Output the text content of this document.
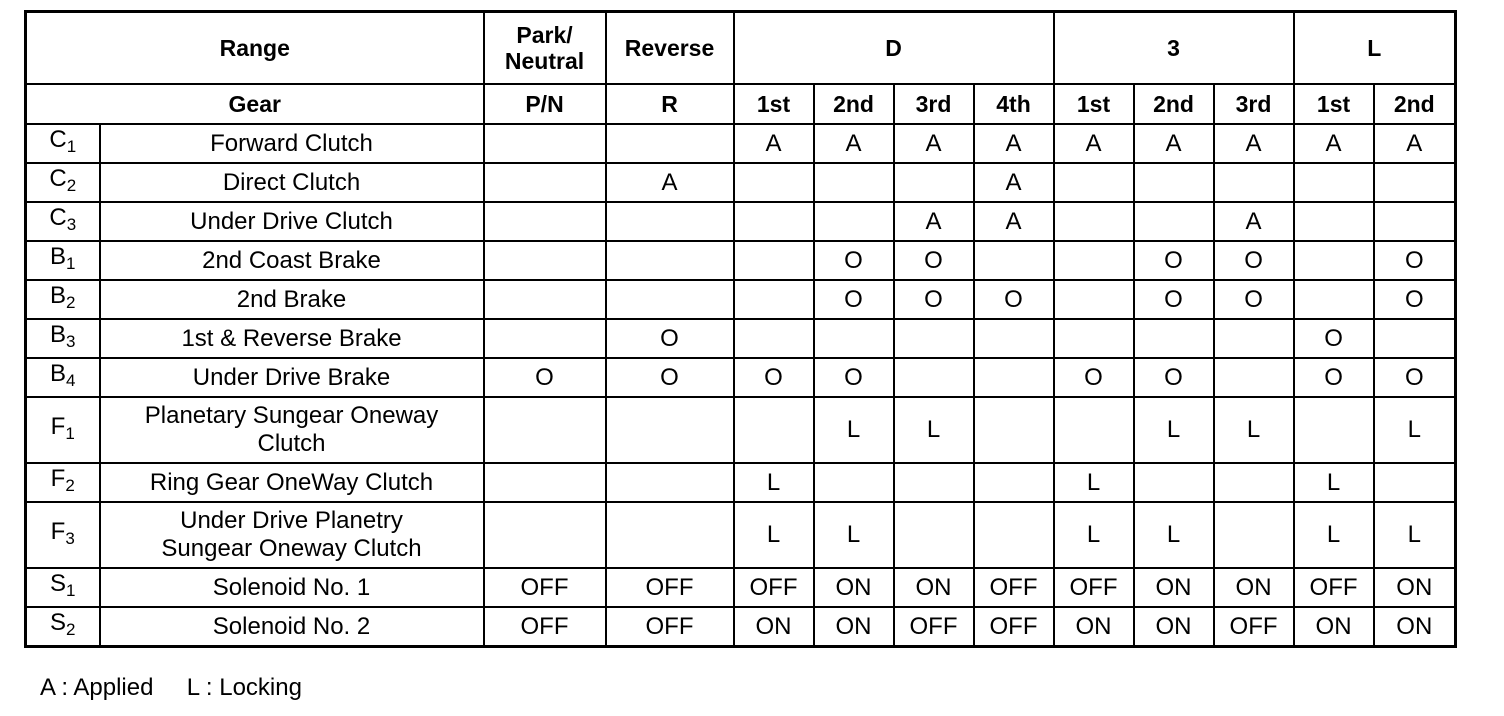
Range		Park/
Neutral	Reverse	D				3			L	
Gear		P/N	R	1st	2nd	3rd	4th	1st	2nd	3rd	1st	2nd
$C_1$	Forward Clutch			A	A	A	A	A	A	A	A	A
$C_2$	Direct Clutch		A				A					
$C_3$	Under Drive Clutch					A	A			A		
$B_1$	2nd Coast Brake				O	O			O	O		O
$B_2$	2nd Brake				O	O	O		O	O		O
$B_3$	1st & Reverse Brake		O								O	
$B_4$	Under Drive Brake	O	O	O	O			O	O		O	O
$F_1$	Planetary Sungear Oneway
Clutch				L	L			L	L		L
$F_2$	Ring Gear OneWay Clutch			L				L			L	
$F_3$	Under Drive Planetry
Sungear Oneway Clutch			L	L			L	L		L	L
$S_1$	Solenoid No. 1	OFF	OFF	OFF	ON	ON	OFF	OFF	ON	ON	OFF	ON
$S_2$	Solenoid No. 2	OFF	OFF	ON	ON	OFF	OFF	ON	ON	OFF	ON	ON
A : Applied     L : Locking
